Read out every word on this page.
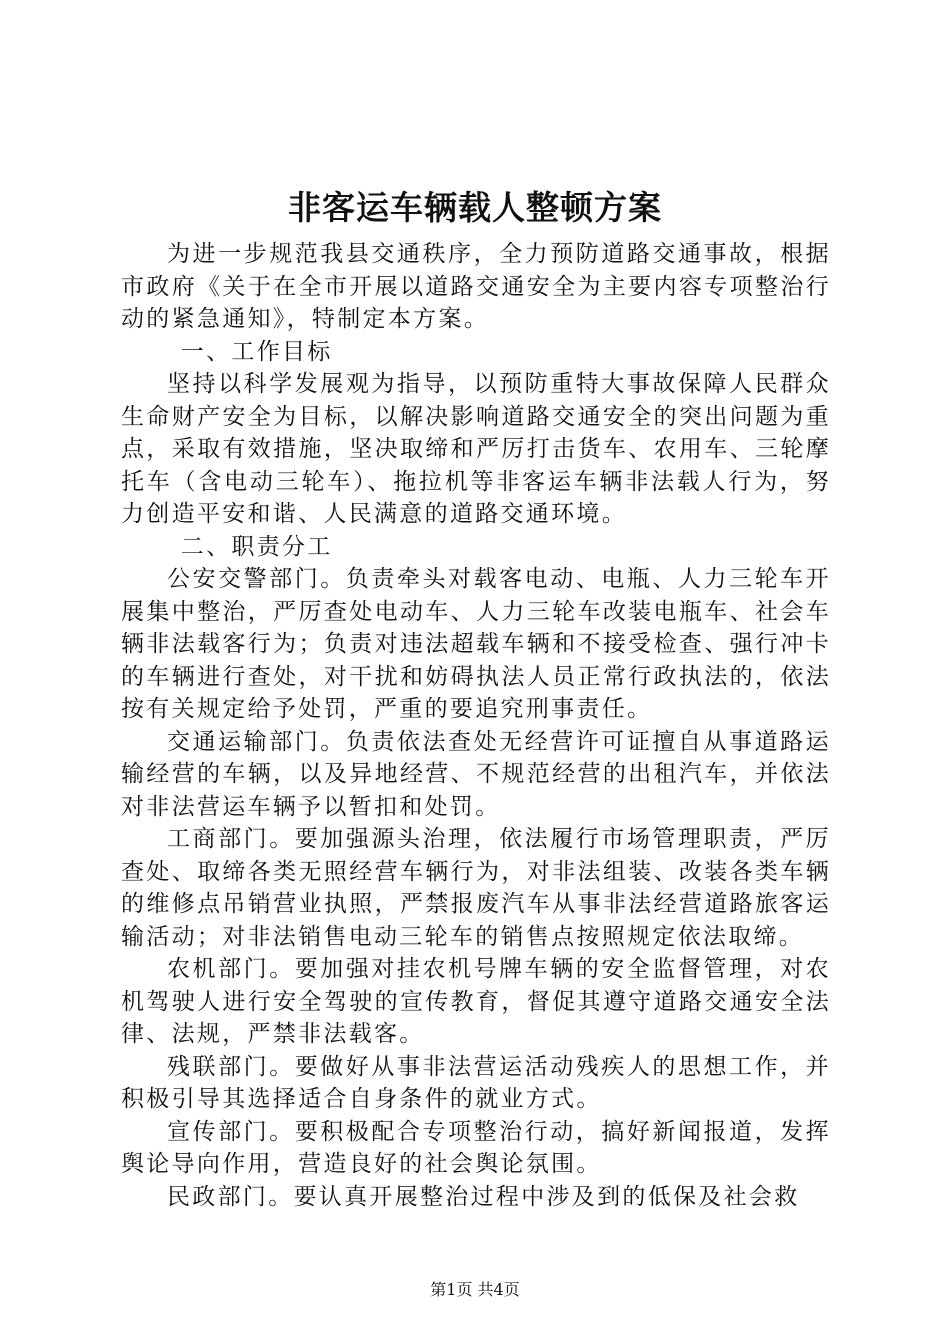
非客运车辆载人整顿方案

为进一步规范我县交通秩序，全力预防道路交通事故，根据市政府《关于在全市开展以道路交通安全为主要内容专项整治行动的紧急通知》，特制定本方案。

一、工作目标

坚持以科学发展观为指导，以预防重特大事故保障人民群众生命财产安全为目标，以解决影响道路交通安全的突出问题为重点，采取有效措施，坚决取缔和严厉打击货车、农用车、三轮摩托车（含电动三轮车）、拖拉机等非客运车辆非法载人行为，努力创造平安和谐、人民满意的道路交通环境。

二、职责分工

公安交警部门。负责牵头对载客电动、电瓶、人力三轮车开展集中整治，严厉查处电动车、人力三轮车改装电瓶车、社会车辆非法载客行为；负责对违法超载车辆和不接受检查、强行冲卡的车辆进行查处，对干扰和妨碍执法人员正常行政执法的，依法按有关规定给予处罚，严重的要追究刑事责任。

交通运输部门。负责依法查处无经营许可证擅自从事道路运输经营的车辆，以及异地经营、不规范经营的出租汽车，并依法对非法营运车辆予以暂扣和处罚。

工商部门。要加强源头治理，依法履行市场管理职责，严厉查处、取缔各类无照经营车辆行为，对非法组装、改装各类车辆的维修点吊销营业执照，严禁报废汽车从事非法经营道路旅客运输活动；对非法销售电动三轮车的销售点按照规定依法取缔。

农机部门。要加强对挂农机号牌车辆的安全监督管理，对农机驾驶人进行安全驾驶的宣传教育，督促其遵守道路交通安全法律、法规，严禁非法载客。

残联部门。要做好从事非法营运活动残疾人的思想工作，并积极引导其选择适合自身条件的就业方式。

宣传部门。要积极配合专项整治行动，搞好新闻报道，发挥舆论导向作用，营造良好的社会舆论氛围。

民政部门。要认真开展整治过程中涉及到的低保及社会救

第1页 共4页
